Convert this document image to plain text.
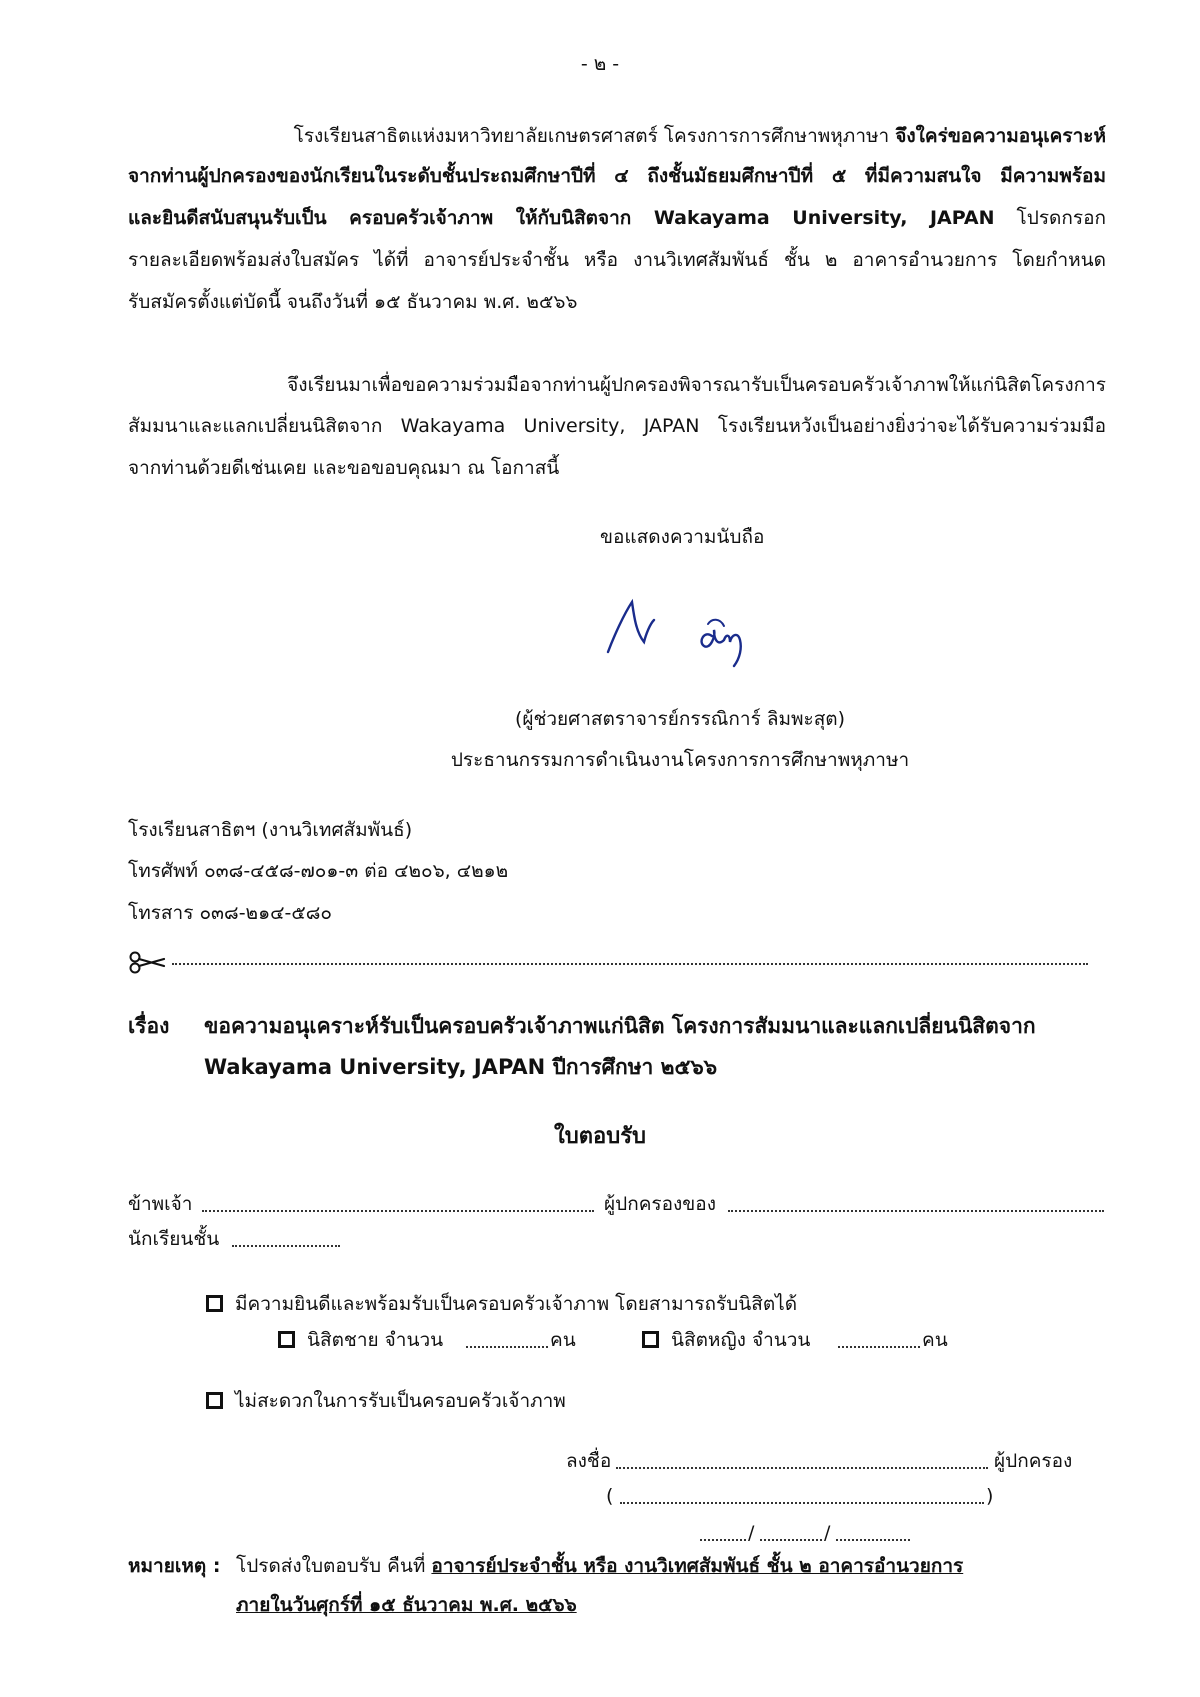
- ๒ -
โรงเรียนสาธิตแห่งมหาวิทยาลัยเกษตรศาสตร์ โครงการการศึกษาพหุภาษา จึงใคร่ขอความอนุเคราะห์
จากท่านผู้ปกครองของนักเรียนในระดับชั้นประถมศึกษาปีที่ ๔ ถึงชั้นมัธยมศึกษาปีที่ ๕ ที่มีความสนใจ มีความพร้อม
และยินดีสนับสนุนรับเป็น ครอบครัวเจ้าภาพ ให้กับนิสิตจาก Wakayama University, JAPAN โปรดกรอก
รายละเอียดพร้อมส่งใบสมัคร ได้ที่ อาจารย์ประจำชั้น หรือ งานวิเทศสัมพันธ์ ชั้น ๒ อาคารอำนวยการ โดยกำหนด
รับสมัครตั้งแต่บัดนี้ จนถึงวันที่ ๑๕ ธันวาคม พ.ศ. ๒๕๖๖
จึงเรียนมาเพื่อขอความร่วมมือจากท่านผู้ปกครองพิจารณารับเป็นครอบครัวเจ้าภาพให้แก่นิสิตโครงการ
สัมมนาและแลกเปลี่ยนนิสิตจาก Wakayama University, JAPAN โรงเรียนหวังเป็นอย่างยิ่งว่าจะได้รับความร่วมมือ
จากท่านด้วยดีเช่นเคย และขอขอบคุณมา ณ โอกาสนี้
ขอแสดงความนับถือ
(ผู้ช่วยศาสตราจารย์กรรณิการ์ ลิมพะสุต)
ประธานกรรมการดำเนินงานโครงการการศึกษาพหุภาษา
โรงเรียนสาธิตฯ (งานวิเทศสัมพันธ์)
โทรศัพท์ ๐๓๘-๔๕๘-๗๐๑-๓ ต่อ ๔๒๐๖, ๔๒๑๒
โทรสาร ๐๓๘-๒๑๔-๕๘๐
เรื่อง ขอความอนุเคราะห์รับเป็นครอบครัวเจ้าภาพแก่นิสิต โครงการสัมมนาและแลกเปลี่ยนนิสิตจาก
Wakayama University, JAPAN ปีการศึกษา ๒๕๖๖
ใบตอบรับ
ข้าพเจ้า	ผู้ปกครองของ
นักเรียนชั้น
มีความยินดีและพร้อมรับเป็นครอบครัวเจ้าภาพ โดยสามารถรับนิสิตได้
นิสิตชาย จำนวน	คน	นิสิตหญิง จำนวน	คน
ไม่สะดวกในการรับเป็นครอบครัวเจ้าภาพ
ลงชื่อ	ผู้ปกครอง
(	)
/	/
หมายเหตุ : โปรดส่งใบตอบรับ คืนที่ อาจารย์ประจำชั้น หรือ งานวิเทศสัมพันธ์ ชั้น ๒ อาคารอำนวยการ
ภายในวันศุกร์ที่ ๑๕ ธันวาคม พ.ศ. ๒๕๖๖
